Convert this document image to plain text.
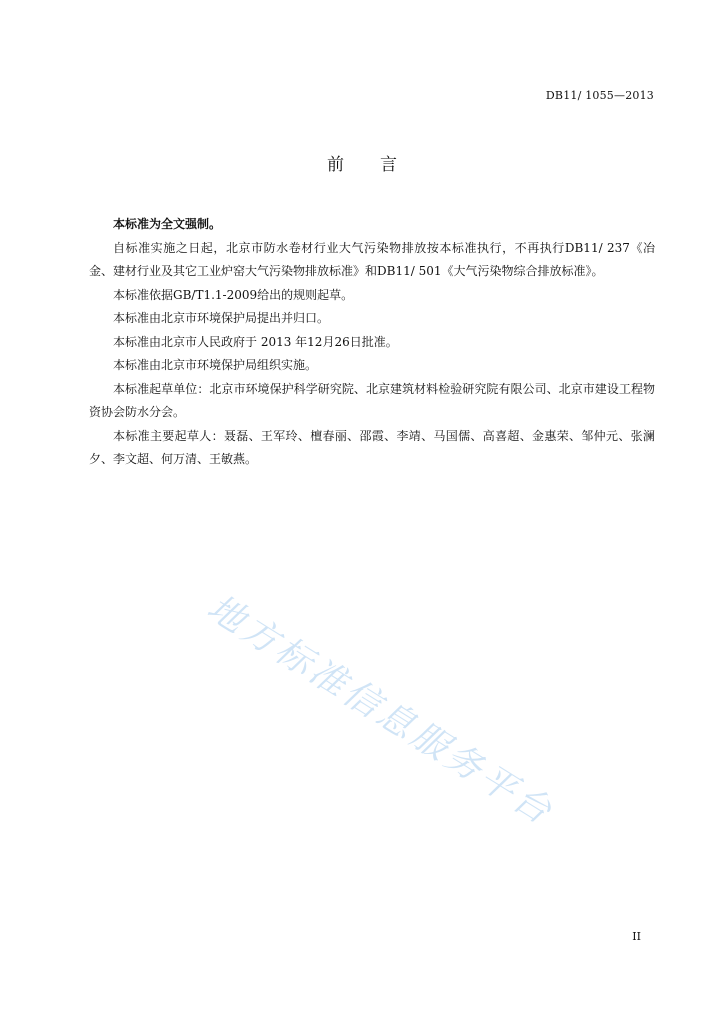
DB11/ 1055—2013
前言

本标准为全文强制。

自标准实施之日起，北京市防水卷材行业大气污染物排放按本标准执行，不再执行DB11/ 237《冶金、建材行业及其它工业炉窑大气污染物排放标准》和DB11/ 501《大气污染物综合排放标准》。

本标准依据GB/T1.1-2009给出的规则起草。

本标准由北京市环境保护局提出并归口。

本标准由北京市人民政府于 2013 年12月26日批准。

本标准由北京市环境保护局组织实施。

本标准起草单位：北京市环境保护科学研究院、北京建筑材料检验研究院有限公司、北京市建设工程物资协会防水分会。

本标准主要起草人：聂磊、王军玲、檀春丽、邵霞、李靖、马国儒、高喜超、金惠荣、邹仲元、张澜夕、李文超、何万清、王敏燕。

地方标准信息服务平台
II
